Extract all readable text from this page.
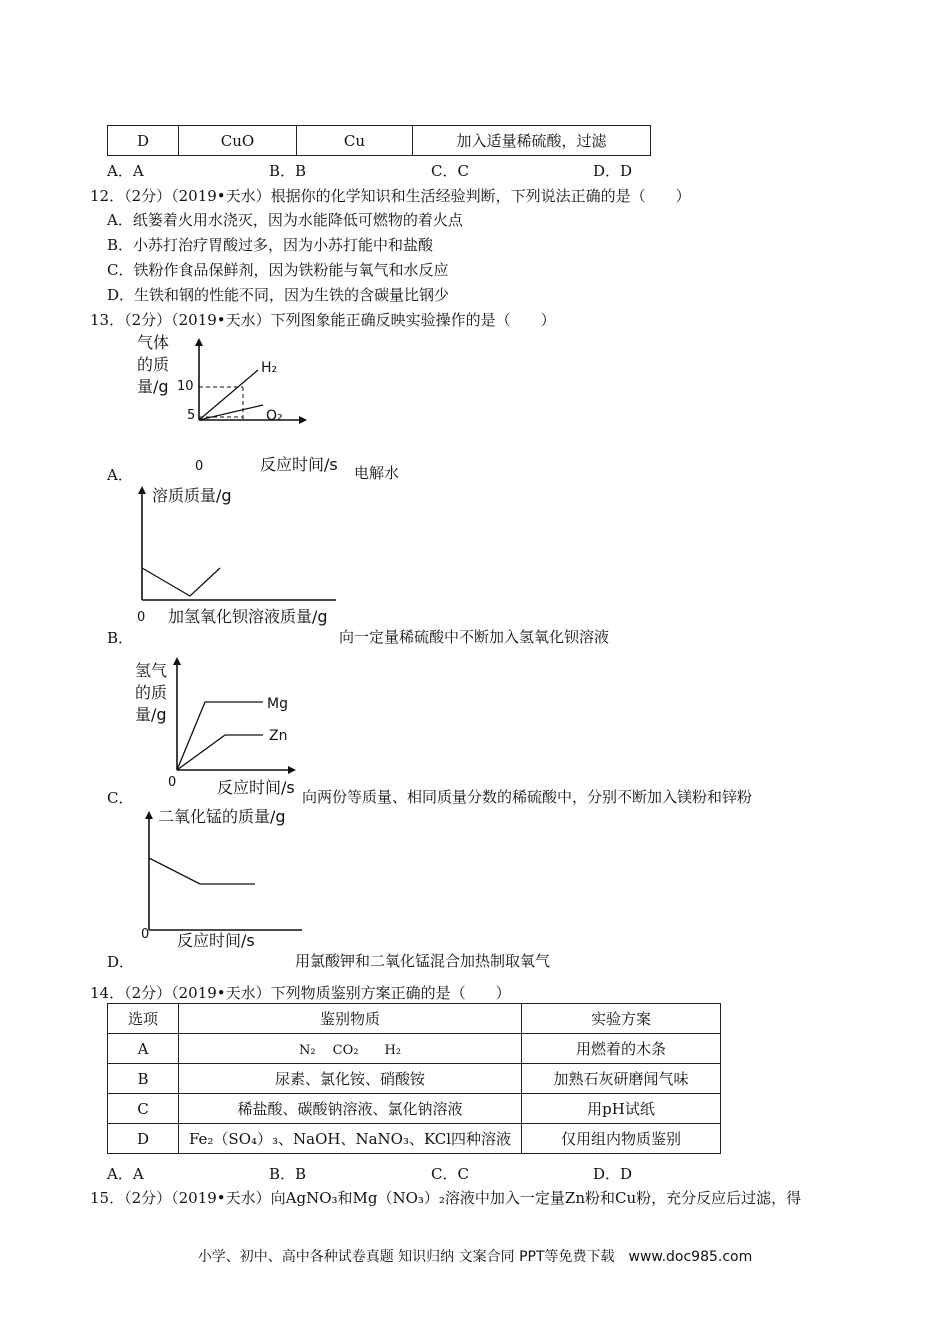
D	CuO	Cu	加入适量稀硫酸，过滤
A．A	B．B	C．C	D．D
12．（2分）（2019•天水）根据你的化学知识和生活经验判断，下列说法正确的是（　　）
A．纸篓着火用水浇灭，因为水能降低可燃物的着火点
B．小苏打治疗胃酸过多，因为小苏打能中和盐酸
C．铁粉作食品保鲜剂，因为铁粉能与氧气和水反应
D．生铁和钢的性能不同，因为生铁的含碳量比钢少
13．（2分）（2019•天水）下列图象能正确反映实验操作的是（　　）
气体
的质
量/g 10
5
H₂
O₂
0	反应时间/s
A．	电解水
溶质质量/g
0 加氢氧化钡溶液质量/g
B．	向一定量稀硫酸中不断加入氢氧化钡溶液
氢气
的质
量/g
Mg
Zn
0	反应时间/s
C．	向两份等质量、相同质量分数的稀硫酸中，分别不断加入镁粉和锌粉
二氧化锰的质量/g
0 反应时间/s
D．	用氯酸钾和二氧化锰混合加热制取氧气
14．（2分）（2019•天水）下列物质鉴别方案正确的是（　　）
选项	鉴别物质	实验方案
A	N₂　 CO₂　　H₂	用燃着的木条
B	尿素、氯化铵、硝酸铵	加熟石灰研磨闻气味
C	稀盐酸、碳酸钠溶液、氯化钠溶液	用pH试纸
D	Fe₂（SO₄）₃、NaOH、NaNO₃、KCl四种溶液	仅用组内物质鉴别
A．A	B．B	C．C	D．D
15．（2分）（2019•天水）向AgNO₃和Mg（NO₃）₂溶液中加入一定量Zn粉和Cu粉，充分反应后过滤，得
小学、初中、高中各种试卷真题 知识归纳 文案合同 PPT等免费下载　www.doc985.com
